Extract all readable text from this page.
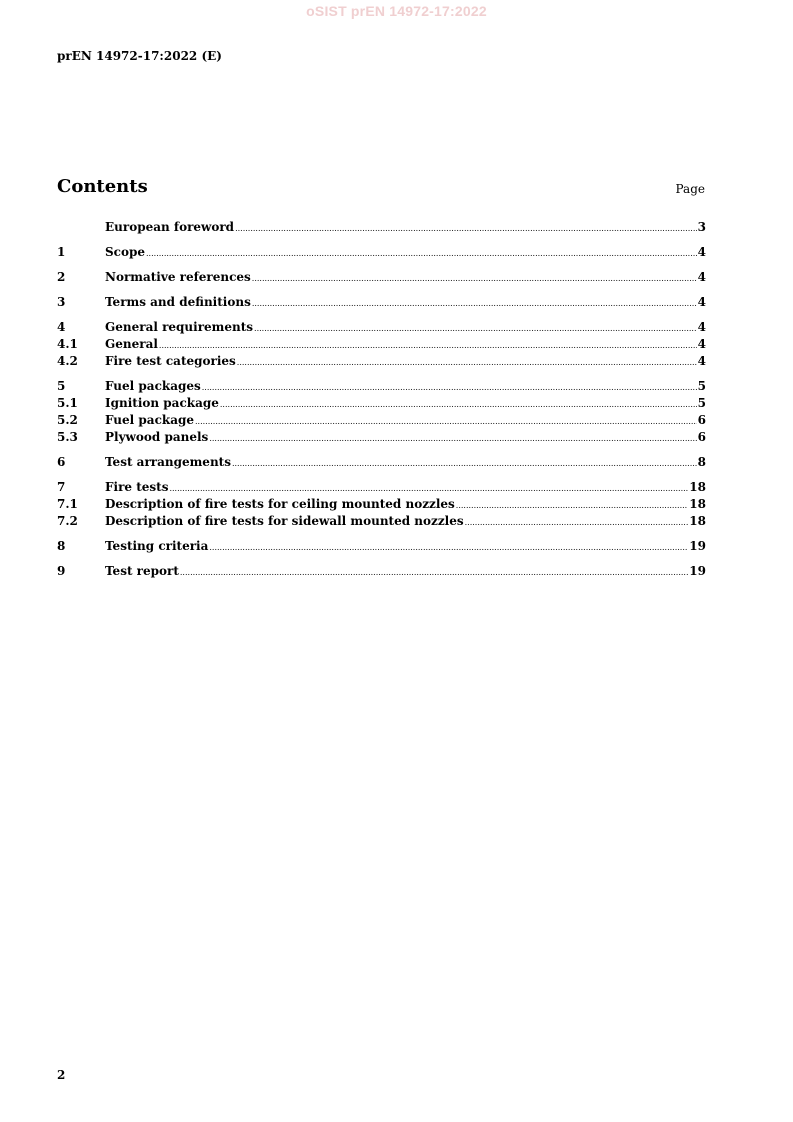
oSIST prEN 14972-17:2022
prEN 14972-17:2022 (E)
Contents	Page
European foreword .....	3
1	Scope .....	4
2	Normative references .....	4
3	Terms and definitions .....	4
4	General requirements .....	4
4.1	General .....	4
4.2	Fire test categories .....	4
5	Fuel packages .....	5
5.1	Ignition package .....	5
5.2	Fuel package .....	6
5.3	Plywood panels .....	6
6	Test arrangements .....	8
7	Fire tests .....	18
7.1	Description of fire tests for ceiling mounted nozzles .....	18
7.2	Description of fire tests for sidewall mounted nozzles .....	18
8	Testing criteria .....	19
9	Test report .....	19
2
